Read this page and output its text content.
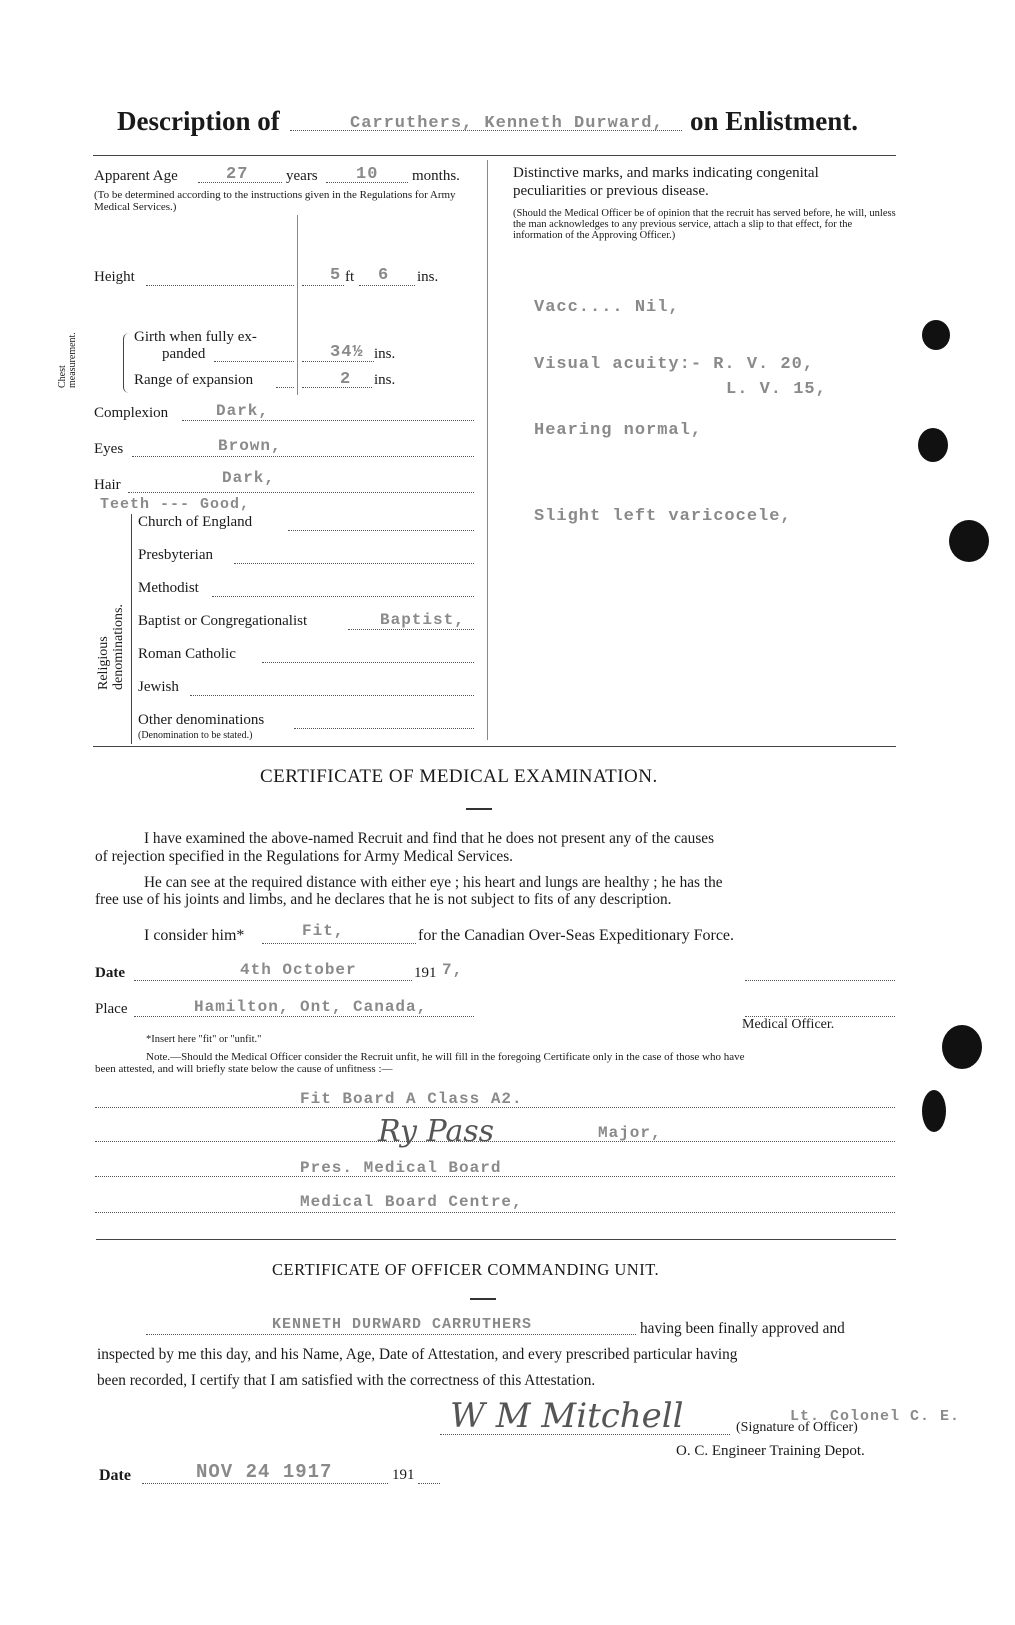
Description of	Carruthers, Kenneth Durward, on Enlistment.
Apparent Age	27	years 10 months.
(To be determined according to the instructions given in the Regulations for Army Medical Services.)
Height	5 ft 6 ins.
Chest measurement.	Girth when fully ex-
panded	34½ ins.
Range of expansion	2 ins.
Complexion	Dark,
Eyes	Brown,
Hair	Dark,
Teeth --- Good,
Religious denominations.
Church of England
Presbyterian
Methodist
Baptist or Congregationalist	Baptist,
Roman Catholic
Jewish
Other denominations
(Denomination to be stated.)
Distinctive marks, and marks indicating congenital
peculiarities or previous disease.
(Should the Medical Officer be of opinion that the recruit has served before, he will, unless the man acknowledges to any previous service, attach a slip to that effect, for the information of the Approving Officer.)
Vacc.... Nil,
Visual acuity:- R. V. 20,
L. V. 15,
Hearing normal,
Slight left varicocele,
CERTIFICATE OF MEDICAL EXAMINATION.
I have examined the above-named Recruit and find that he does not present any of the causes
of rejection specified in the Regulations for Army Medical Services.
He can see at the required distance with either eye ; his heart and lungs are healthy ; he has the
free use of his joints and limbs, and he declares that he is not subject to fits of any description.
I consider him*	Fit,	for the Canadian Over-Seas Expeditionary Force.
Date	4th October	191 7,
Place	Hamilton, Ont, Canada,
Medical Officer.
*Insert here "fit" or "unfit."
Note.—Should the Medical Officer consider the Recruit unfit, he will fill in the foregoing Certificate only in the case of those who have
been attested, and will briefly state below the cause of unfitness :—
Fit Board A Class A2.
Ry Pass	Major,
Pres. Medical Board
Medical Board Centre,
CERTIFICATE OF OFFICER COMMANDING UNIT.
KENNETH DURWARD CARRUTHERS	having been finally approved and
inspected by me this day, and his Name, Age, Date of Attestation, and every prescribed particular having
been recorded, I certify that I am satisfied with the correctness of this Attestation.
W M Mitchell	(Signature of Officer)
Lt. Colonel C. E.
O. C. Engineer Training Depot.
Date	NOV 24 1917	191
